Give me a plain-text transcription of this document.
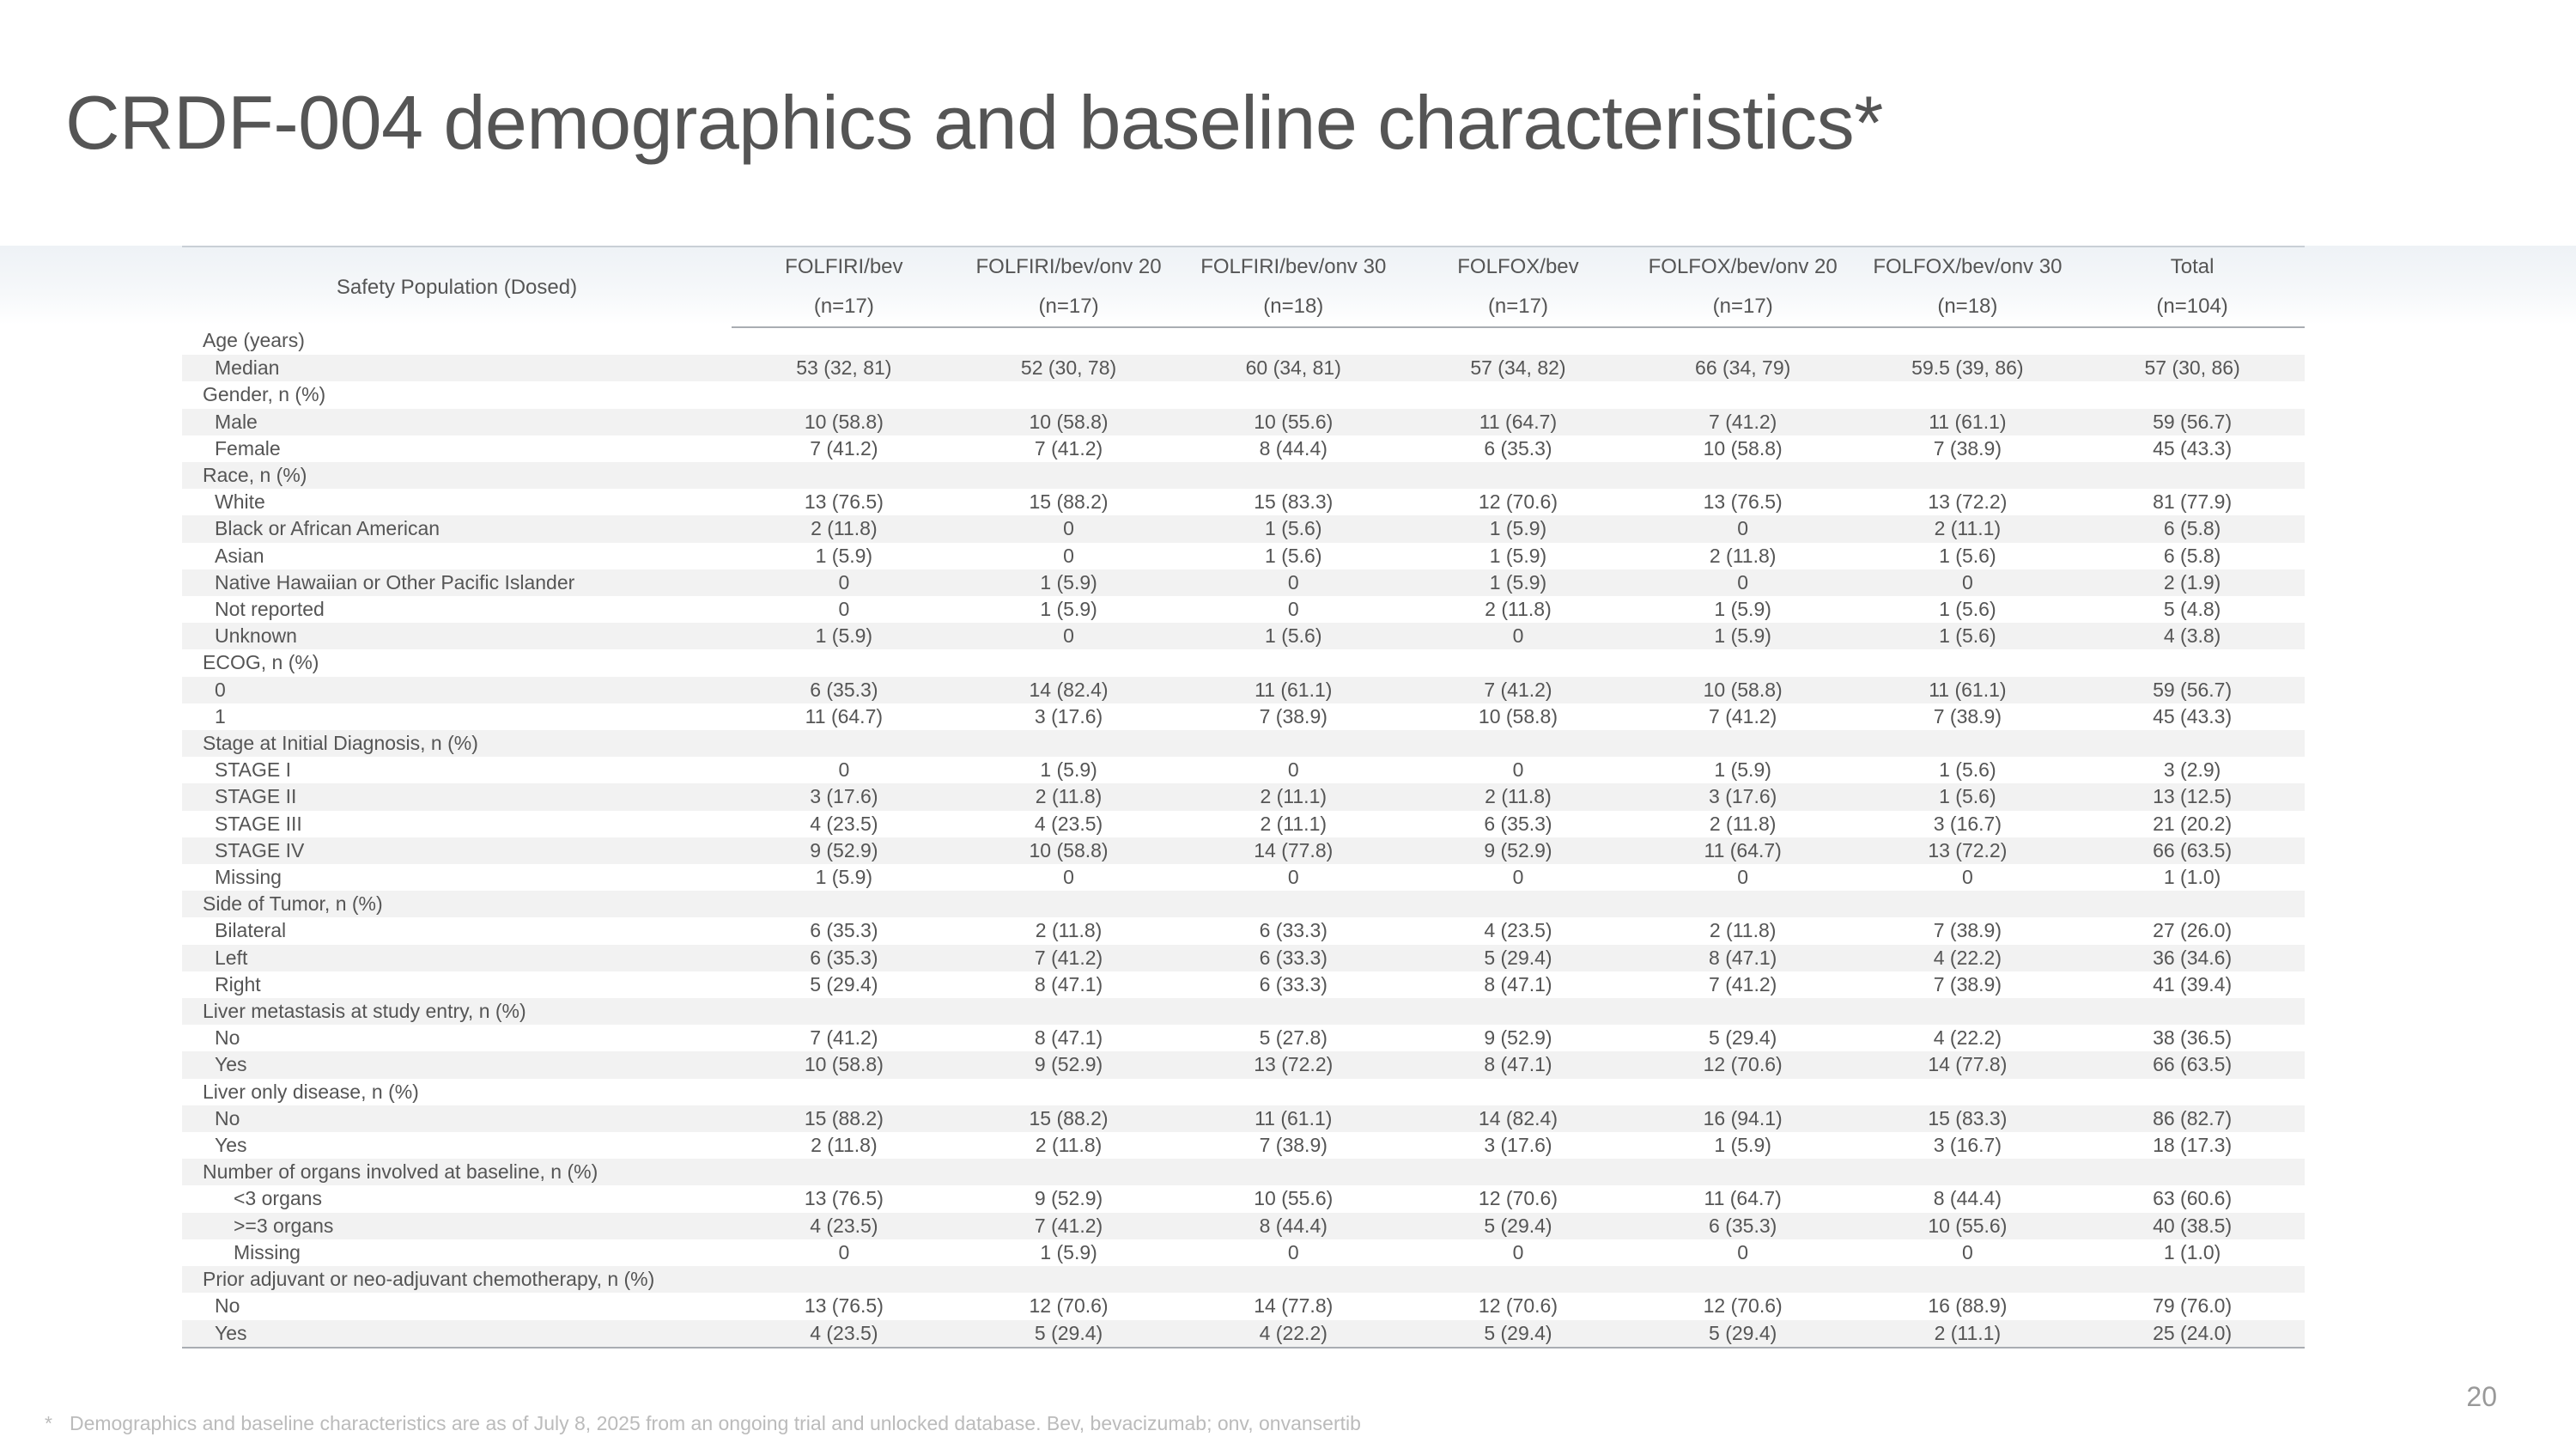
CRDF-004 demographics and baseline characteristics*
Safety Population (Dosed)	FOLFIRI/bev	FOLFIRI/bev/onv 20	FOLFIRI/bev/onv 30	FOLFOX/bev	FOLFOX/bev/onv 20	FOLFOX/bev/onv 30	Total
	(n=17)	(n=17)	(n=18)	(n=17)	(n=17)	(n=18)	(n=104)
Age (years)							
Median	53 (32, 81)	52 (30, 78)	60 (34, 81)	57 (34, 82)	66 (34, 79)	59.5 (39, 86)	57 (30, 86)
Gender, n (%)							
Male	10 (58.8)	10 (58.8)	10 (55.6)	11 (64.7)	7 (41.2)	11 (61.1)	59 (56.7)
Female	7 (41.2)	7 (41.2)	8 (44.4)	6 (35.3)	10 (58.8)	7 (38.9)	45 (43.3)
Race, n (%)							
White	13 (76.5)	15 (88.2)	15 (83.3)	12 (70.6)	13 (76.5)	13 (72.2)	81 (77.9)
Black or African American	2 (11.8)	0	1 (5.6)	1 (5.9)	0	2 (11.1)	6 (5.8)
Asian	1 (5.9)	0	1 (5.6)	1 (5.9)	2 (11.8)	1 (5.6)	6 (5.8)
Native Hawaiian or Other Pacific Islander	0	1 (5.9)	0	1 (5.9)	0	0	2 (1.9)
Not reported	0	1 (5.9)	0	2 (11.8)	1 (5.9)	1 (5.6)	5 (4.8)
Unknown	1 (5.9)	0	1 (5.6)	0	1 (5.9)	1 (5.6)	4 (3.8)
ECOG, n (%)							
0	6 (35.3)	14 (82.4)	11 (61.1)	7 (41.2)	10 (58.8)	11 (61.1)	59 (56.7)
1	11 (64.7)	3 (17.6)	7 (38.9)	10 (58.8)	7 (41.2)	7 (38.9)	45 (43.3)
Stage at Initial Diagnosis, n (%)							
STAGE I	0	1 (5.9)	0	0	1 (5.9)	1 (5.6)	3 (2.9)
STAGE II	3 (17.6)	2 (11.8)	2 (11.1)	2 (11.8)	3 (17.6)	1 (5.6)	13 (12.5)
STAGE III	4 (23.5)	4 (23.5)	2 (11.1)	6 (35.3)	2 (11.8)	3 (16.7)	21 (20.2)
STAGE IV	9 (52.9)	10 (58.8)	14 (77.8)	9 (52.9)	11 (64.7)	13 (72.2)	66 (63.5)
Missing	1 (5.9)	0	0	0	0	0	1 (1.0)
Side of Tumor, n (%)							
Bilateral	6 (35.3)	2 (11.8)	6 (33.3)	4 (23.5)	2 (11.8)	7 (38.9)	27 (26.0)
Left	6 (35.3)	7 (41.2)	6 (33.3)	5 (29.4)	8 (47.1)	4 (22.2)	36 (34.6)
Right	5 (29.4)	8 (47.1)	6 (33.3)	8 (47.1)	7 (41.2)	7 (38.9)	41 (39.4)
Liver metastasis at study entry, n (%)							
No	7 (41.2)	8 (47.1)	5 (27.8)	9 (52.9)	5 (29.4)	4 (22.2)	38 (36.5)
Yes	10 (58.8)	9 (52.9)	13 (72.2)	8 (47.1)	12 (70.6)	14 (77.8)	66 (63.5)
Liver only disease, n (%)							
No	15 (88.2)	15 (88.2)	11 (61.1)	14 (82.4)	16 (94.1)	15 (83.3)	86 (82.7)
Yes	2 (11.8)	2 (11.8)	7 (38.9)	3 (17.6)	1 (5.9)	3 (16.7)	18 (17.3)
Number of organs involved at baseline, n (%)							
<3 organs	13 (76.5)	9 (52.9)	10 (55.6)	12 (70.6)	11 (64.7)	8 (44.4)	63 (60.6)
>=3 organs	4 (23.5)	7 (41.2)	8 (44.4)	5 (29.4)	6 (35.3)	10 (55.6)	40 (38.5)
Missing	0	1 (5.9)	0	0	0	0	1 (1.0)
Prior adjuvant or neo-adjuvant chemotherapy, n (%)							
No	13 (76.5)	12 (70.6)	14 (77.8)	12 (70.6)	12 (70.6)	16 (88.9)	79 (76.0)
Yes	4 (23.5)	5 (29.4)	4 (22.2)	5 (29.4)	5 (29.4)	2 (11.1)	25 (24.0)
* Demographics and baseline characteristics are as of July 8, 2025 from an ongoing trial and unlocked database. Bev, bevacizumab; onv, onvansertib
20
